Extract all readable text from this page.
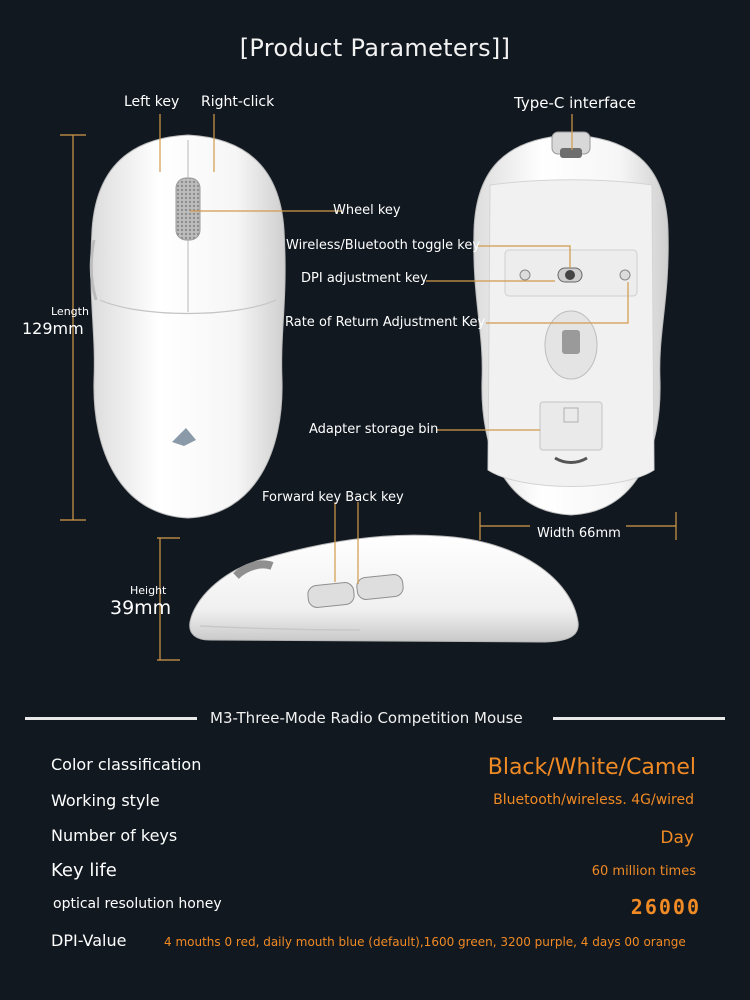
[Product Parameters]]
Left key Right-click	Type-C interface
Wheel key
Wireless/Bluetooth toggle key
DPI adjustment key
Rate of Return Adjustment Key
Adapter storage bin
Forward key Back key
Length
129mm
Height
39mm
Width 66mm
M3-Three-Mode Radio Competition Mouse
Color classification	Black/White/Camel
Working style	Bluetooth/wireless. 4G/wired
Number of keys	Day
Key life	60 million times
optical resolution honey	26000
DPI-Value	4 mouths 0 red, daily mouth blue (default),1600 green, 3200 purple, 4 days 00 orange
